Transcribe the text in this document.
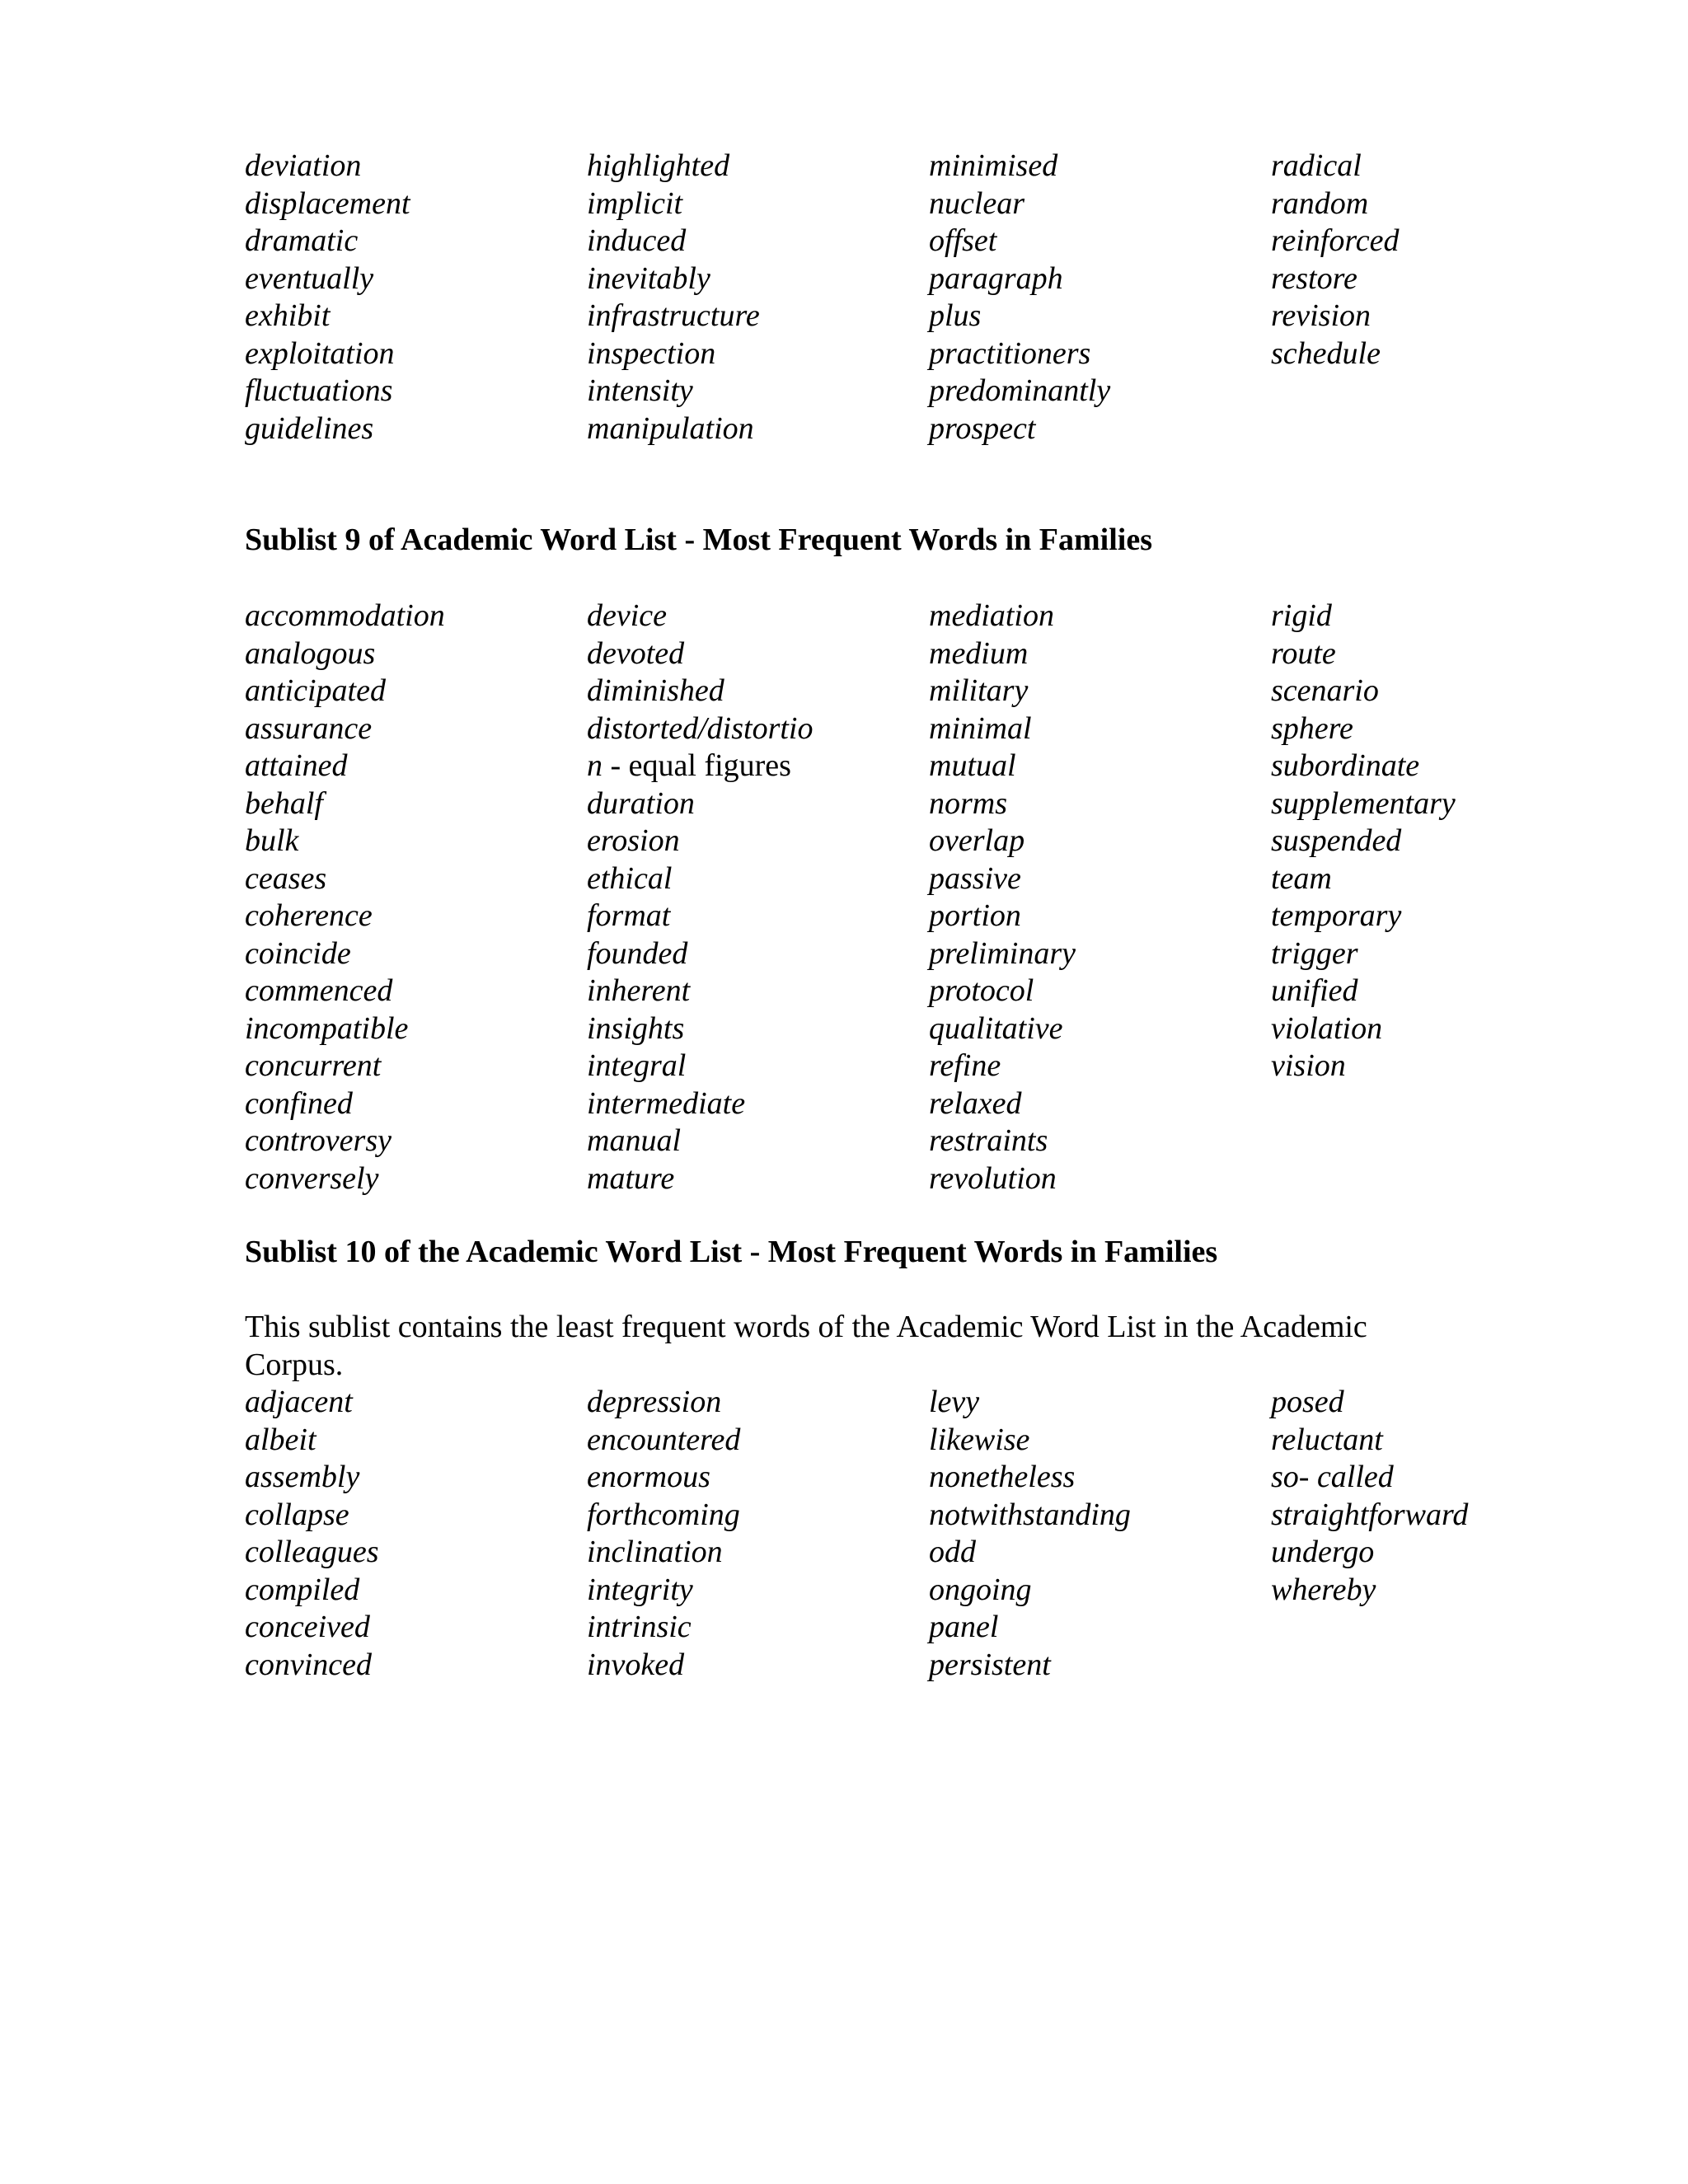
deviation
displacement
dramatic
eventually
exhibit
exploitation
fluctuations
guidelines
highlighted
implicit
induced
inevitably
infrastructure
inspection
intensity
manipulation
minimised
nuclear
offset
paragraph
plus
practitioners
predominantly
prospect
radical
random
reinforced
restore
revision
schedule
Sublist 9 of Academic Word List - Most Frequent Words in Families
accommodation
analogous
anticipated
assurance
attained
behalf
bulk
ceases
coherence
coincide
commenced
incompatible
concurrent
confined
controversy
conversely
device
devoted
diminished
distorted/distortio
n - equal figures
duration
erosion
ethical
format
founded
inherent
insights
integral
intermediate
manual
mature
mediation
medium
military
minimal
mutual
norms
overlap
passive
portion
preliminary
protocol
qualitative
refine
relaxed
restraints
revolution
rigid
route
scenario
sphere
subordinate
supplementary
suspended
team
temporary
trigger
unified
violation
vision
Sublist 10 of the Academic Word List - Most Frequent Words in Families
This sublist contains the least frequent words of the Academic Word List in the Academic Corpus.
adjacent
albeit
assembly
collapse
colleagues
compiled
conceived
convinced
depression
encountered
enormous
forthcoming
inclination
integrity
intrinsic
invoked
levy
likewise
nonetheless
notwithstanding
odd
ongoing
panel
persistent
posed
reluctant
so- called
straightforward
undergo
whereby
